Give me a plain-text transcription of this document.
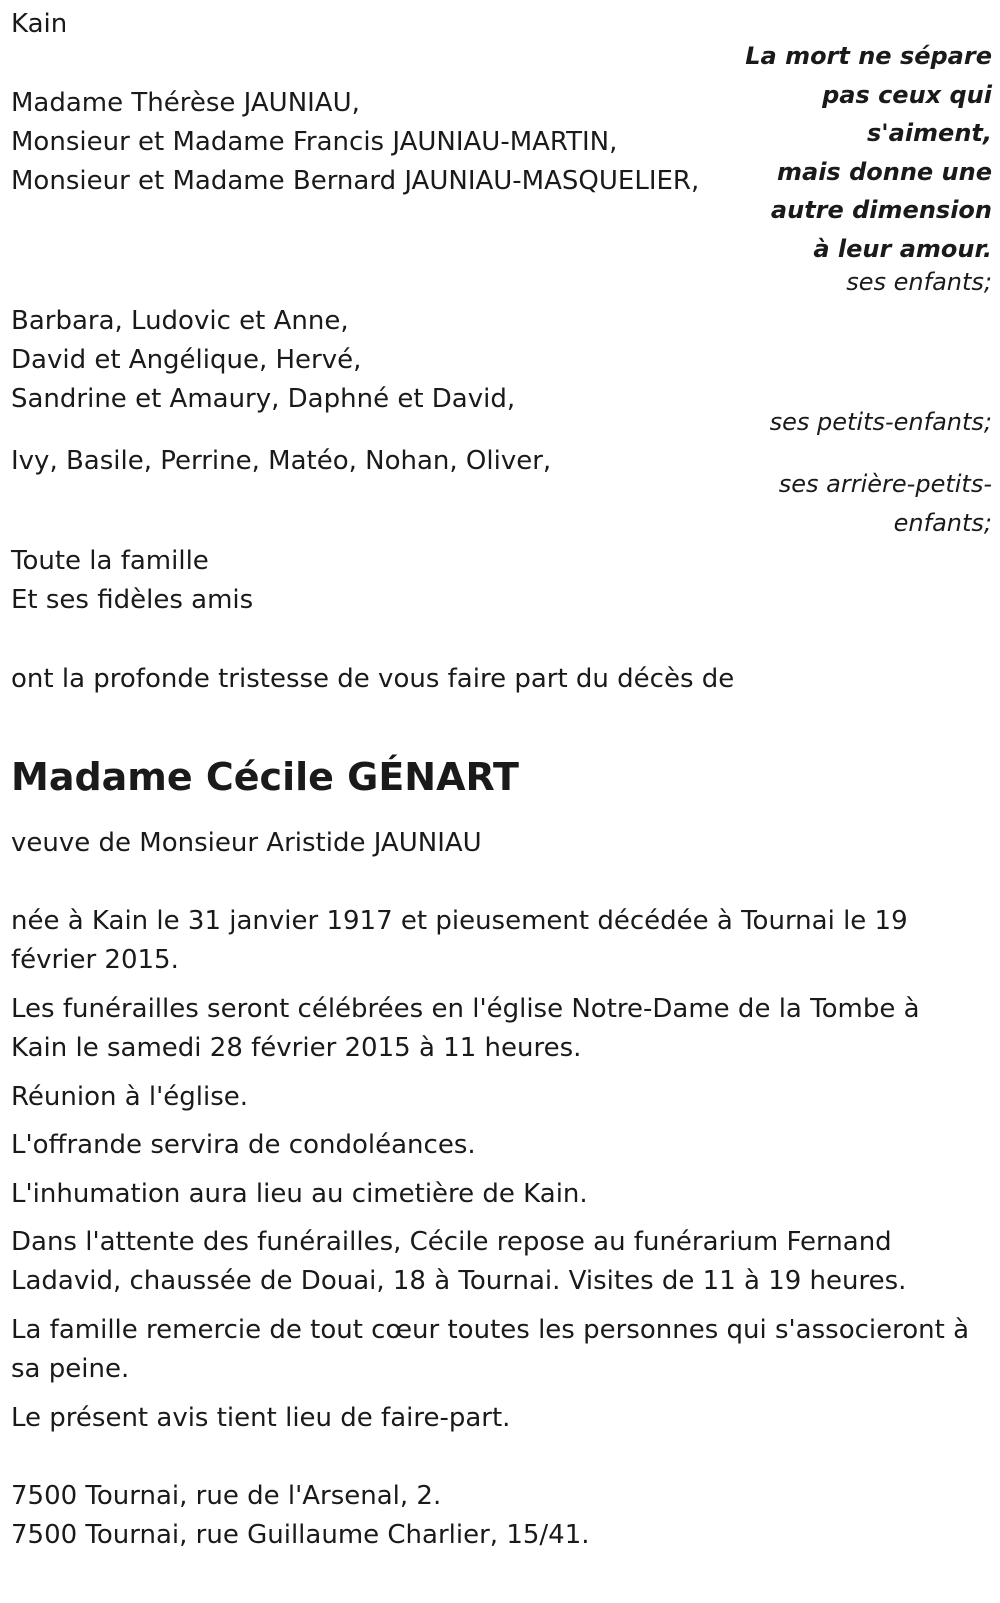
Kain
La mort ne sépare
pas ceux qui
s'aiment,
mais donne une
autre dimension
à leur amour.
Madame Thérèse JAUNIAU,
Monsieur et Madame Francis JAUNIAU-MARTIN,
Monsieur et Madame Bernard JAUNIAU-MASQUELIER,
ses enfants;
Barbara, Ludovic et Anne,
David et Angélique, Hervé,
Sandrine et Amaury, Daphné et David,
ses petits-enfants;
Ivy, Basile, Perrine, Matéo, Nohan, Oliver,
ses arrière-petits-
enfants;
Toute la famille
Et ses fidèles amis
ont la profonde tristesse de vous faire part du décès de
Madame Cécile GÉNART
veuve de Monsieur Aristide JAUNIAU
née à Kain le 31 janvier 1917 et pieusement décédée à Tournai le 19 février 2015.
Les funérailles seront célébrées en l'église Notre-Dame de la Tombe à Kain le samedi 28 février 2015 à 11 heures.
Réunion à l'église.
L'offrande servira de condoléances.
L'inhumation aura lieu au cimetière de Kain.
Dans l'attente des funérailles, Cécile repose au funérarium Fernand Ladavid, chaussée de Douai, 18 à Tournai. Visites de 11 à 19 heures.
La famille remercie de tout cœur toutes les personnes qui s'associeront à sa peine.
Le présent avis tient lieu de faire-part.
7500 Tournai, rue de l'Arsenal, 2.
7500 Tournai, rue Guillaume Charlier, 15/41.
